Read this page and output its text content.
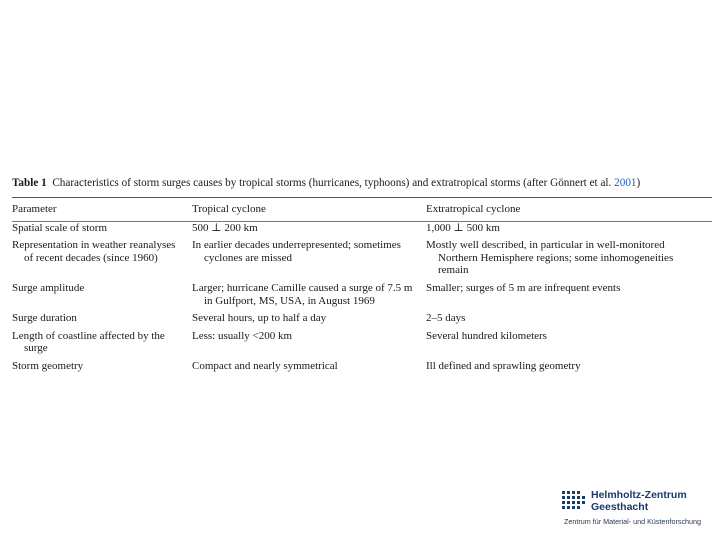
Table 1 Characteristics of storm surges causes by tropical storms (hurricanes, typhoons) and extratropical storms (after Gönnert et al. 2001)
Parameter	Tropical cyclone	Extratropical cyclone

Spatial scale of storm	500 ⊥ 200 km	1,000 ⊥ 500 km
Representation in weather reanalyses of recent decades (since 1960)	In earlier decades underrepresented; sometimes cyclones are missed	Mostly well described, in particular in well-monitored Northern Hemisphere regions; some inhomogeneities remain
Surge amplitude	Larger; hurricane Camille caused a surge of 7.5 m in Gulfport, MS, USA, in August 1969	Smaller; surges of 5 m are infrequent events
Surge duration	Several hours, up to half a day	2–5 days
Length of coastline affected by the surge	Less: usually <200 km	Several hundred kilometers
Storm geometry	Compact and nearly symmetrical	Ill defined and sprawling geometry
Helmholtz-Zentrum
Geesthacht
Zentrum für Material- und Küstenforschung
